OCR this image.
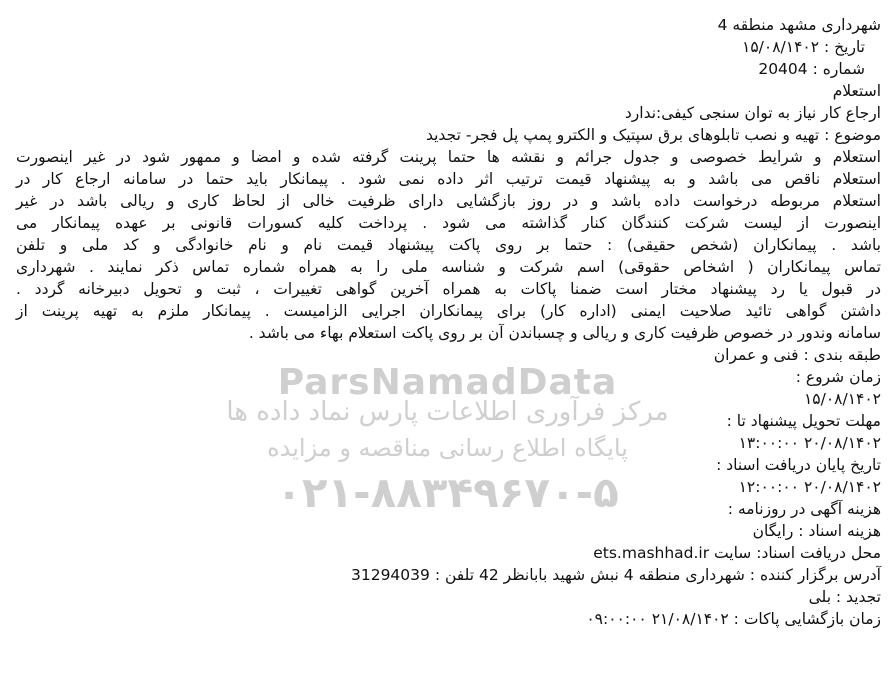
شهرداری مشهد منطقه 4
تاریخ : ۱۵/۰۸/۱۴۰۲
شماره : 20404
استعلام
ارجاع کار نیاز به توان سنجی کیفی:ندارد
موضوع : تهیه و نصب تابلوهای برق سپتیک و الکترو پمپ پل فجر- تجدید
استعلام و شرایط خصوصی و جدول جرائم و نقشه ها حتما پرینت گرفته شده و امضا و ممهور شود در غیر اینصورت
استعلام ناقص می باشد و به پیشنهاد قیمت ترتیب اثر داده نمی شود . پیمانکار باید حتما در سامانه ارجاع کار در
استعلام مربوطه درخواست داده باشد و در روز بازگشایی دارای ظرفیت خالی از لحاظ کاری و ریالی باشد در غیر
اینصورت از لیست شرکت کنندگان کنار گذاشته می شود . پرداخت کلیه کسورات قانونی بر عهده پیمانکار می
باشد . پیمانکاران (شخص حقیقی) : حتما بر روی پاکت پیشنهاد قیمت نام و نام خانوادگی و کد ملی و تلفن
تماس پیمانکاران ( اشخاص حقوقی) اسم شرکت و شناسه ملی را به همراه شماره تماس ذکر نمایند . شهرداری
در قبول یا رد پیشنهاد مختار است ضمنا پاکات به همراه آخرین گواهی تغییرات ، ثبت و تحویل دبیرخانه گردد .
داشتن گواهی تائید صلاحیت ایمنی (اداره کار) برای پیمانکاران اجرایی الزامیست . پیمانکار ملزم به تهیه پرینت از
سامانه وندور در خصوص ظرفیت کاری و ریالی و چسباندن آن بر روی پاکت استعلام بهاء می باشد .
طبقه بندی : فنی و عمران
زمان شروع :
۱۵/۰۸/۱۴۰۲
مهلت تحویل پیشنهاد تا :
۲۰/۰۸/۱۴۰۲ ۱۳:۰۰:۰۰
تاریخ پایان دریافت اسناد :
۲۰/۰۸/۱۴۰۲ ۱۲:۰۰:۰۰
هزینه آگهی در روزنامه :
هزینه اسناد : رایگان
محل دریافت اسناد: سایت ets.mashhad.ir
آدرس برگزار کننده : شهرداری منطقه 4 نبش شهید بابانظر 42 تلفن : 31294039
تجدید : بلی
زمان بازگشایی پاکات : ۲۱/۰۸/۱۴۰۲ ۰۹:۰۰:۰۰
ParsNamadData
مرکز فرآوری اطلاعات پارس نماد داده ها
پایگاه اطلاع رسانی مناقصه و مزایده
۰۲۱-۸۸۳۴۹۶۷۰-۵
